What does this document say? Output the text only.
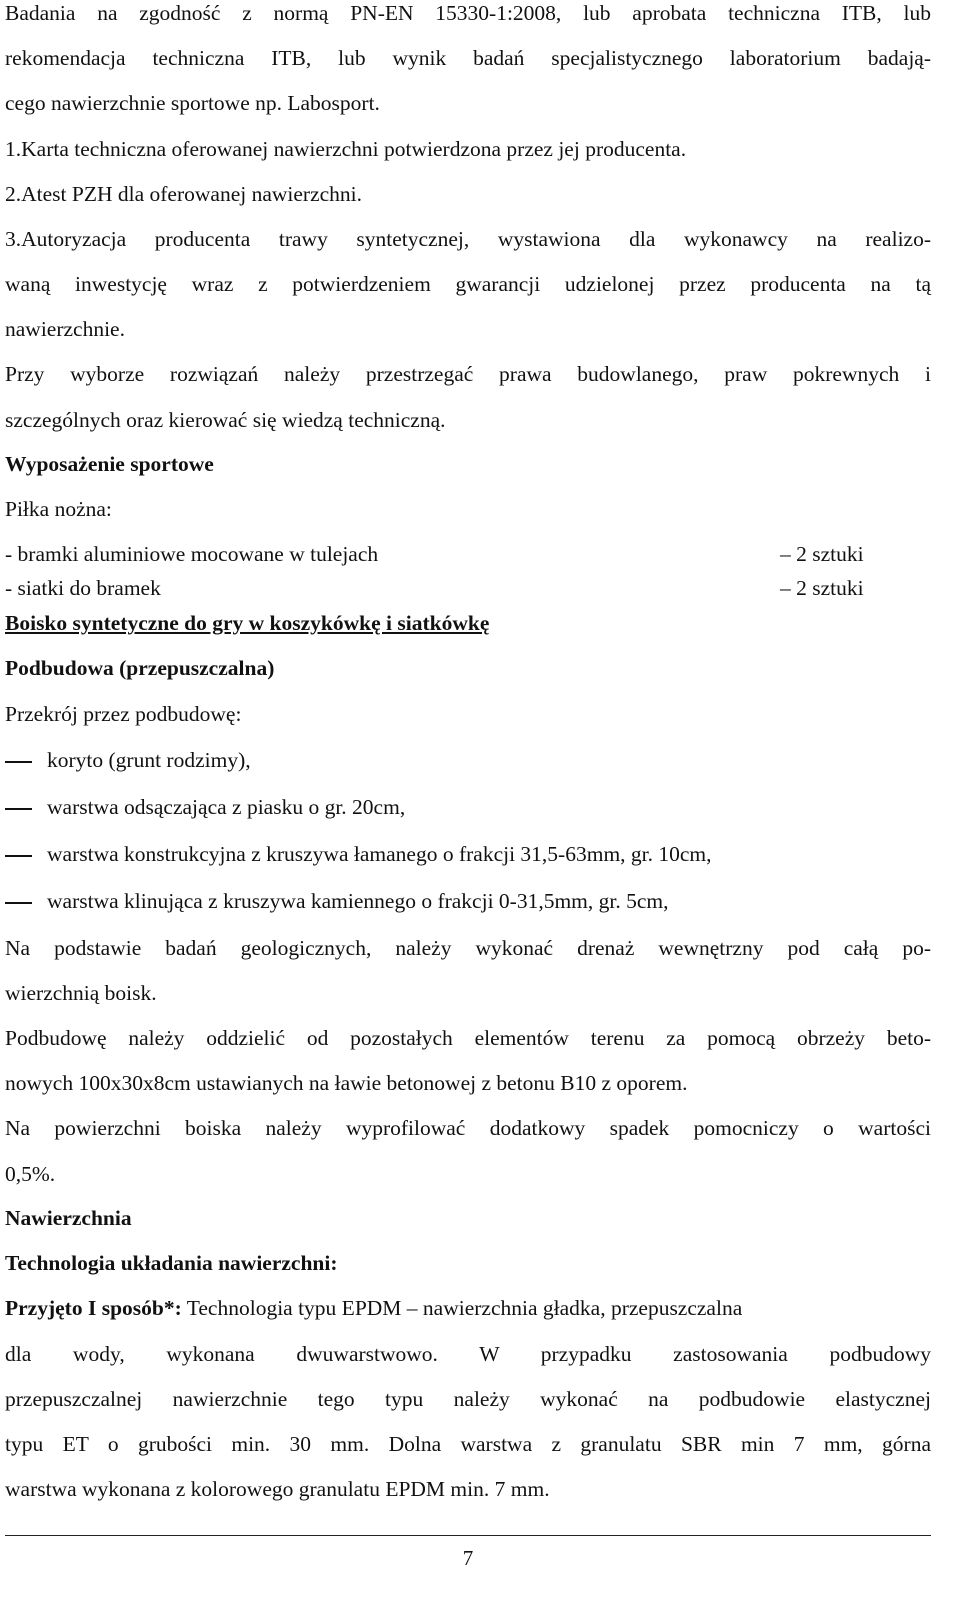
Badania na zgodność z normą PN-EN 15330-1:2008, lub aprobata techniczna ITB, lub
rekomendacja techniczna ITB, lub wynik badań specjalistycznego laboratorium badają-
cego nawierzchnie sportowe np. Labosport.
1.Karta techniczna oferowanej nawierzchni potwierdzona przez jej producenta.
2.Atest PZH dla oferowanej nawierzchni.
3.Autoryzacja producenta trawy syntetycznej, wystawiona dla wykonawcy na realizo-
waną inwestycję wraz z potwierdzeniem gwarancji udzielonej przez producenta na tą
nawierzchnie.
Przy wyborze rozwiązań należy przestrzegać prawa budowlanego, praw pokrewnych i
szczególnych oraz kierować się wiedzą techniczną.
Wyposażenie sportowe
Piłka nożna:
- bramki aluminiowe mocowane w tulejach	– 2 sztuki
- siatki do bramek	– 2 sztuki
Boisko syntetyczne do gry w koszykówkę i siatkówkę
Podbudowa (przepuszczalna)
Przekrój przez podbudowę:
koryto (grunt rodzimy),
warstwa odsączająca z piasku o gr. 20cm,
warstwa konstrukcyjna z kruszywa łamanego o frakcji 31,5-63mm, gr. 10cm,
warstwa klinująca z kruszywa kamiennego o frakcji 0-31,5mm, gr. 5cm,
Na podstawie badań geologicznych, należy wykonać drenaż wewnętrzny pod całą po-
wierzchnią boisk.
Podbudowę należy oddzielić od pozostałych elementów terenu za pomocą obrzeży beto-
nowych 100x30x8cm ustawianych na ławie betonowej z betonu B10 z oporem.
Na powierzchni boiska należy wyprofilować dodatkowy spadek pomocniczy o wartości
0,5%.
Nawierzchnia
Technologia układania nawierzchni:
Przyjęto I sposób*: Technologia typu EPDM – nawierzchnia gładka, przepuszczalna
dla wody, wykonana dwuwarstwowo. W przypadku zastosowania podbudowy
przepuszczalnej nawierzchnie tego typu należy wykonać na podbudowie elastycznej
typu ET o grubości min. 30 mm. Dolna warstwa z granulatu SBR min 7 mm, górna
warstwa wykonana z kolorowego granulatu EPDM min. 7 mm.
7
